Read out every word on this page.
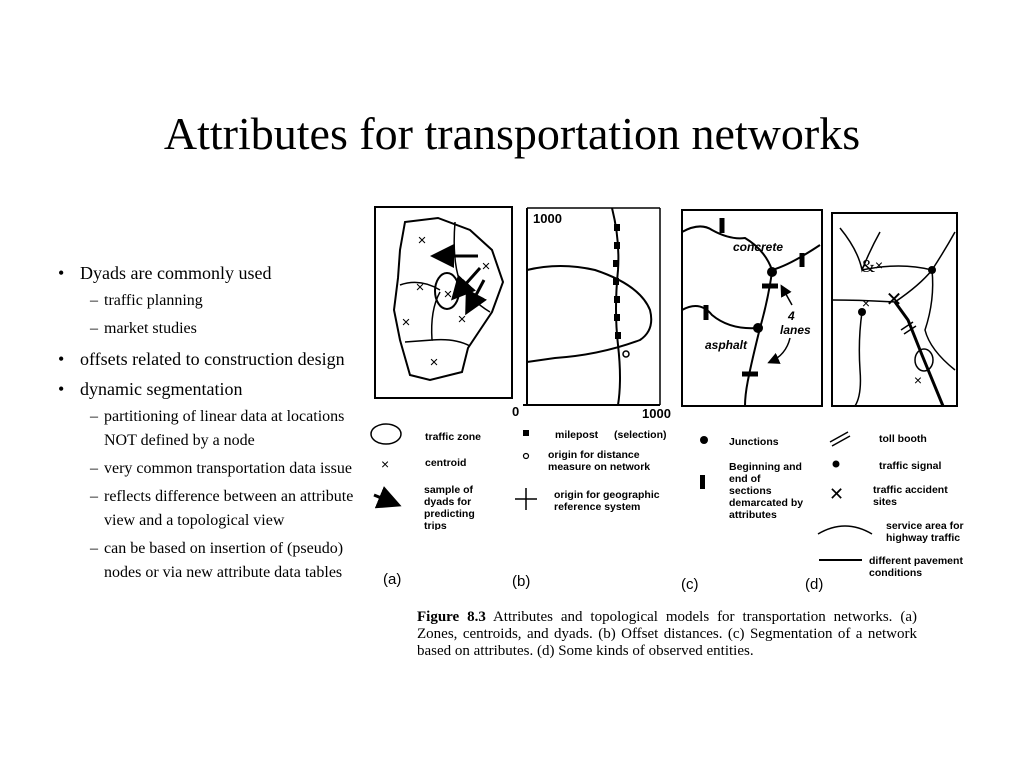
Attributes for transportation networks
• Dyads are commonly used
– traffic planning
– market studies
• offsets related to construction design
• dynamic segmentation
– partitioning of linear data at locations NOT defined by a node
– very common transportation data issue
– reflects difference between an attribute view and a topological view
– can be based on insertion of (pseudo) nodes or via new attribute data tables
×
×
× ×
×	×
×
1000
0	1000
concrete
asphalt
4
lanes
×
×
×
✕
&
traffic zone
×	centroid
sample of dyads for predicting trips
milepost (selection)
origin for distance measure on network
origin for geographic reference system
Junctions
Beginning and end of sections demarcated by attributes
toll booth
traffic signal
✕	traffic accident sites
service area for highway traffic
different pavement conditions
(a)	(b)	(c)	(d)
Figure 8.3 Attributes and topological models for transportation networks. (a) Zones, centroids, and dyads. (b) Offset distances. (c) Segmentation of a network based on attributes. (d) Some kinds of observed entities.
